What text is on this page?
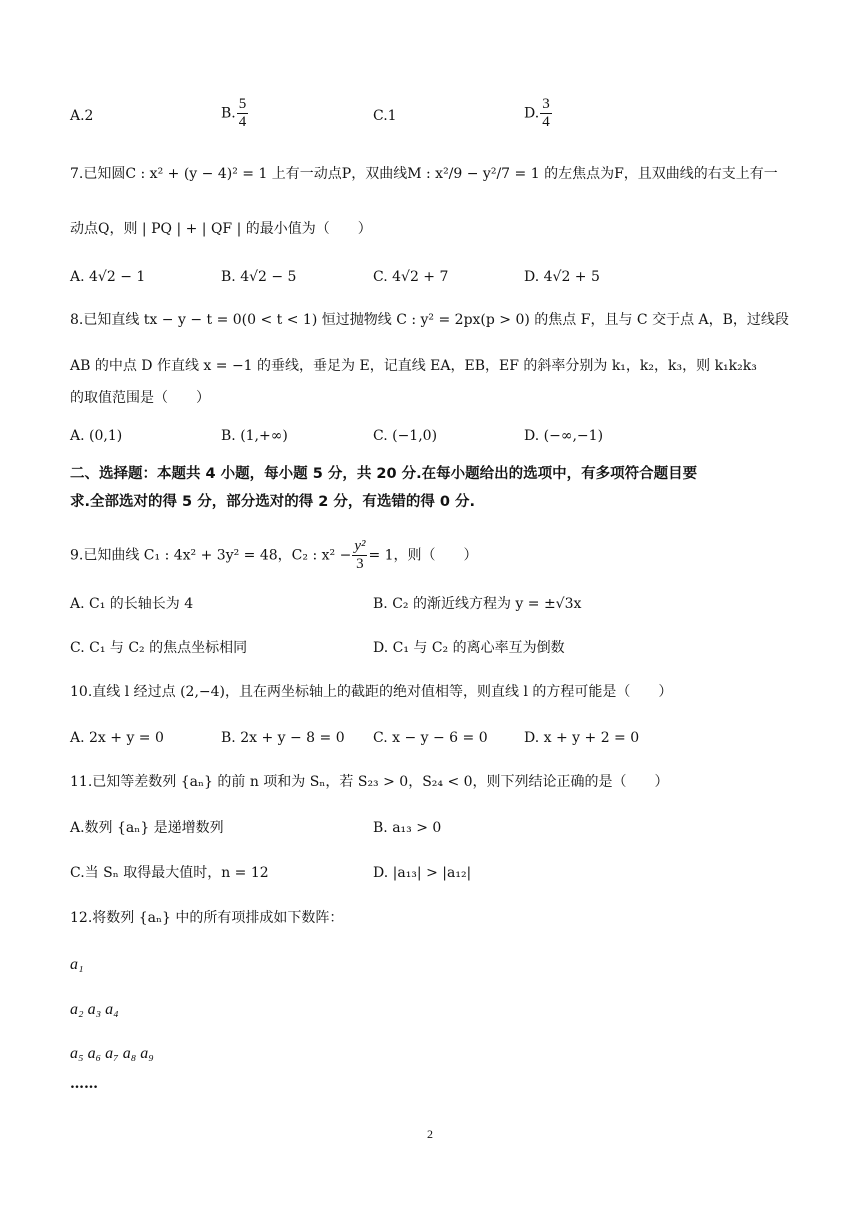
A.2	B. $\frac{5}{4}$	C.1	D. $\frac{3}{4}$
7.已知圆C : x² + (y − 4)² = 1 上有一动点P，双曲线M : x²/9 − y²/7 = 1 的左焦点为F，且双曲线的右支上有一
动点Q，则 | PQ | + | QF | 的最小值为（　　）
A. 4√2 − 1	B. 4√2 − 5	C. 4√2 + 7	D. 4√2 + 5
8.已知直线 tx − y − t = 0(0 < t < 1) 恒过抛物线 C : y² = 2px(p > 0) 的焦点 F，且与 C 交于点 A，B，过线段
AB 的中点 D 作直线 x = −1 的垂线，垂足为 E，记直线 EA，EB，EF 的斜率分别为 k₁，k₂，k₃，则 k₁k₂k₃
的取值范围是（　　）
A. (0,1)	B. (1,+∞)	C. (−1,0)	D. (−∞,−1)
二、选择题：本题共 4 小题，每小题 5 分，共 20 分.在每小题给出的选项中，有多项符合题目要
求.全部选对的得 5 分，部分选对的得 2 分，有选错的得 0 分.
9.已知曲线 C₁ : 4x² + 3y² = 48，C₂ : $x^2 - \frac{\text{y²}}{3} = 1$，则（　　）
A. C₁ 的长轴长为 4	B. C₂ 的渐近线方程为 y = ±√3x
C. C₁ 与 C₂ 的焦点坐标相同	D. C₁ 与 C₂ 的离心率互为倒数
10.直线 l 经过点 (2,−4)，且在两坐标轴上的截距的绝对值相等，则直线 l 的方程可能是（　　）
A. 2x + y = 0	B. 2x + y − 8 = 0 C. x − y − 6 = 0	D. x + y + 2 = 0
11.已知等差数列 {aₙ} 的前 n 项和为 Sₙ，若 S₂₃ > 0，S₂₄ < 0，则下列结论正确的是（　　）
A.数列 {aₙ} 是递增数列	B. a₁₃ > 0
C.当 Sₙ 取得最大值时，n = 12	D. |a₁₃| > |a₁₂|
12.将数列 {aₙ} 中的所有项排成如下数阵：
a₁
a₂ a₃ a₄
a₅ a₆ a₇ a₈ a₉
……
2
